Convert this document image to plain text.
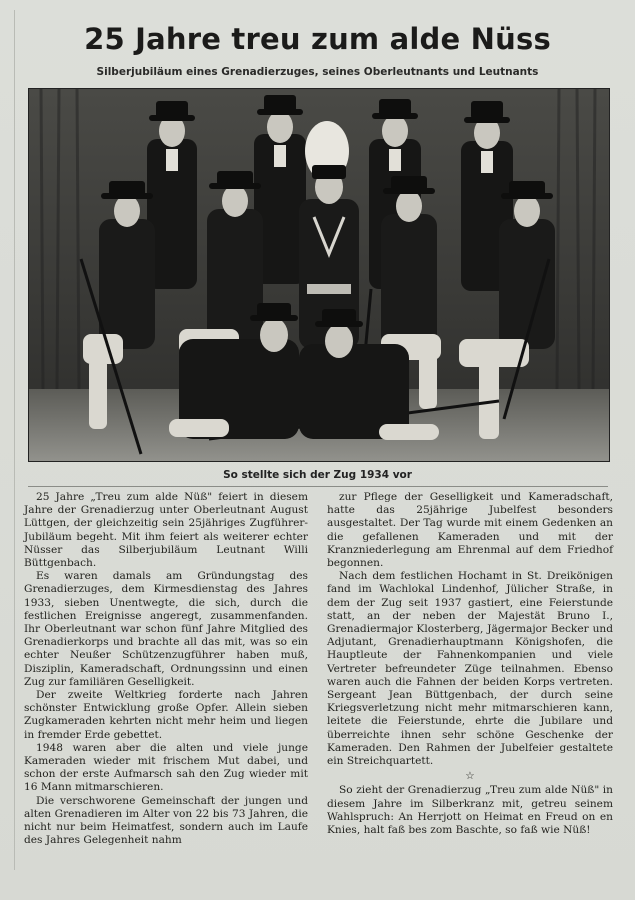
25 Jahre treu zum alde Nüss
Silberjubiläum eines Grenadierzuges, seines Oberleutnants und Leutnants
So stellte sich der Zug 1934 vor

25 Jahre „Treu zum alde Nüß" feiert in diesem Jahre der Grenadierzug unter Oberleutnant August Lüttgen, der gleichzeitig sein 25jähriges Zugführer-Jubiläum begeht. Mit ihm feiert als weiterer echter Nüsser das Silberjubiläum Leutnant Willi Büttgenbach.

Es waren damals am Gründungstag des Grenadierzuges, dem Kirmesdienstag des Jahres 1933, sieben Unentwegte, die sich, durch die festlichen Ereignisse angeregt, zusammenfanden. Ihr Oberleutnant war schon fünf Jahre Mitglied des Grenadierkorps und brachte all das mit, was so ein echter Neußer Schützenzugführer haben muß, Disziplin, Kameradschaft, Ordnungssinn und einen Zug zur familiären Geselligkeit.

Der zweite Weltkrieg forderte nach Jahren schönster Entwicklung große Opfer. Allein sieben Zugkameraden kehrten nicht mehr heim und liegen in fremder Erde gebettet.

1948 waren aber die alten und viele junge Kameraden wieder mit frischem Mut dabei, und schon der erste Aufmarsch sah den Zug wieder mit 16 Mann mitmarschieren.

Die verschworene Gemeinschaft der jungen und alten Grenadieren im Alter von 22 bis 73 Jahren, die nicht nur beim Heimatfest, sondern auch im Laufe des Jahres Gelegenheit nahm

zur Pflege der Geselligkeit und Kameradschaft, hatte das 25jährige Jubelfest besonders ausgestaltet. Der Tag wurde mit einem Gedenken an die gefallenen Kameraden und mit der Kranzniederlegung am Ehrenmal auf dem Friedhof begonnen.

Nach dem festlichen Hochamt in St. Dreikönigen fand im Wachlokal Lindenhof, Jülicher Straße, in dem der Zug seit 1937 gastiert, eine Feierstunde statt, an der neben der Majestät Bruno I., Grenadiermajor Klosterberg, Jägermajor Becker und Adjutant, Grenadierhauptmann Königshofen, die Hauptleute der Fahnenkompanien und viele Vertreter befreundeter Züge teilnahmen. Ebenso waren auch die Fahnen der beiden Korps vertreten. Sergeant Jean Büttgenbach, der durch seine Kriegsverletzung nicht mehr mitmarschieren kann, leitete die Feierstunde, ehrte die Jubilare und überreichte ihnen sehr schöne Geschenke der Kameraden. Den Rahmen der Jubelfeier gestaltete ein Streichquartett.

☆

So zieht der Grenadierzug „Treu zum alde Nüß" in diesem Jahre im Silberkranz mit, getreu seinem Wahlspruch: An Herrjott on Heimat en Freud on en Knies, halt faß bes zom Baschte, so faß wie Nüß!
